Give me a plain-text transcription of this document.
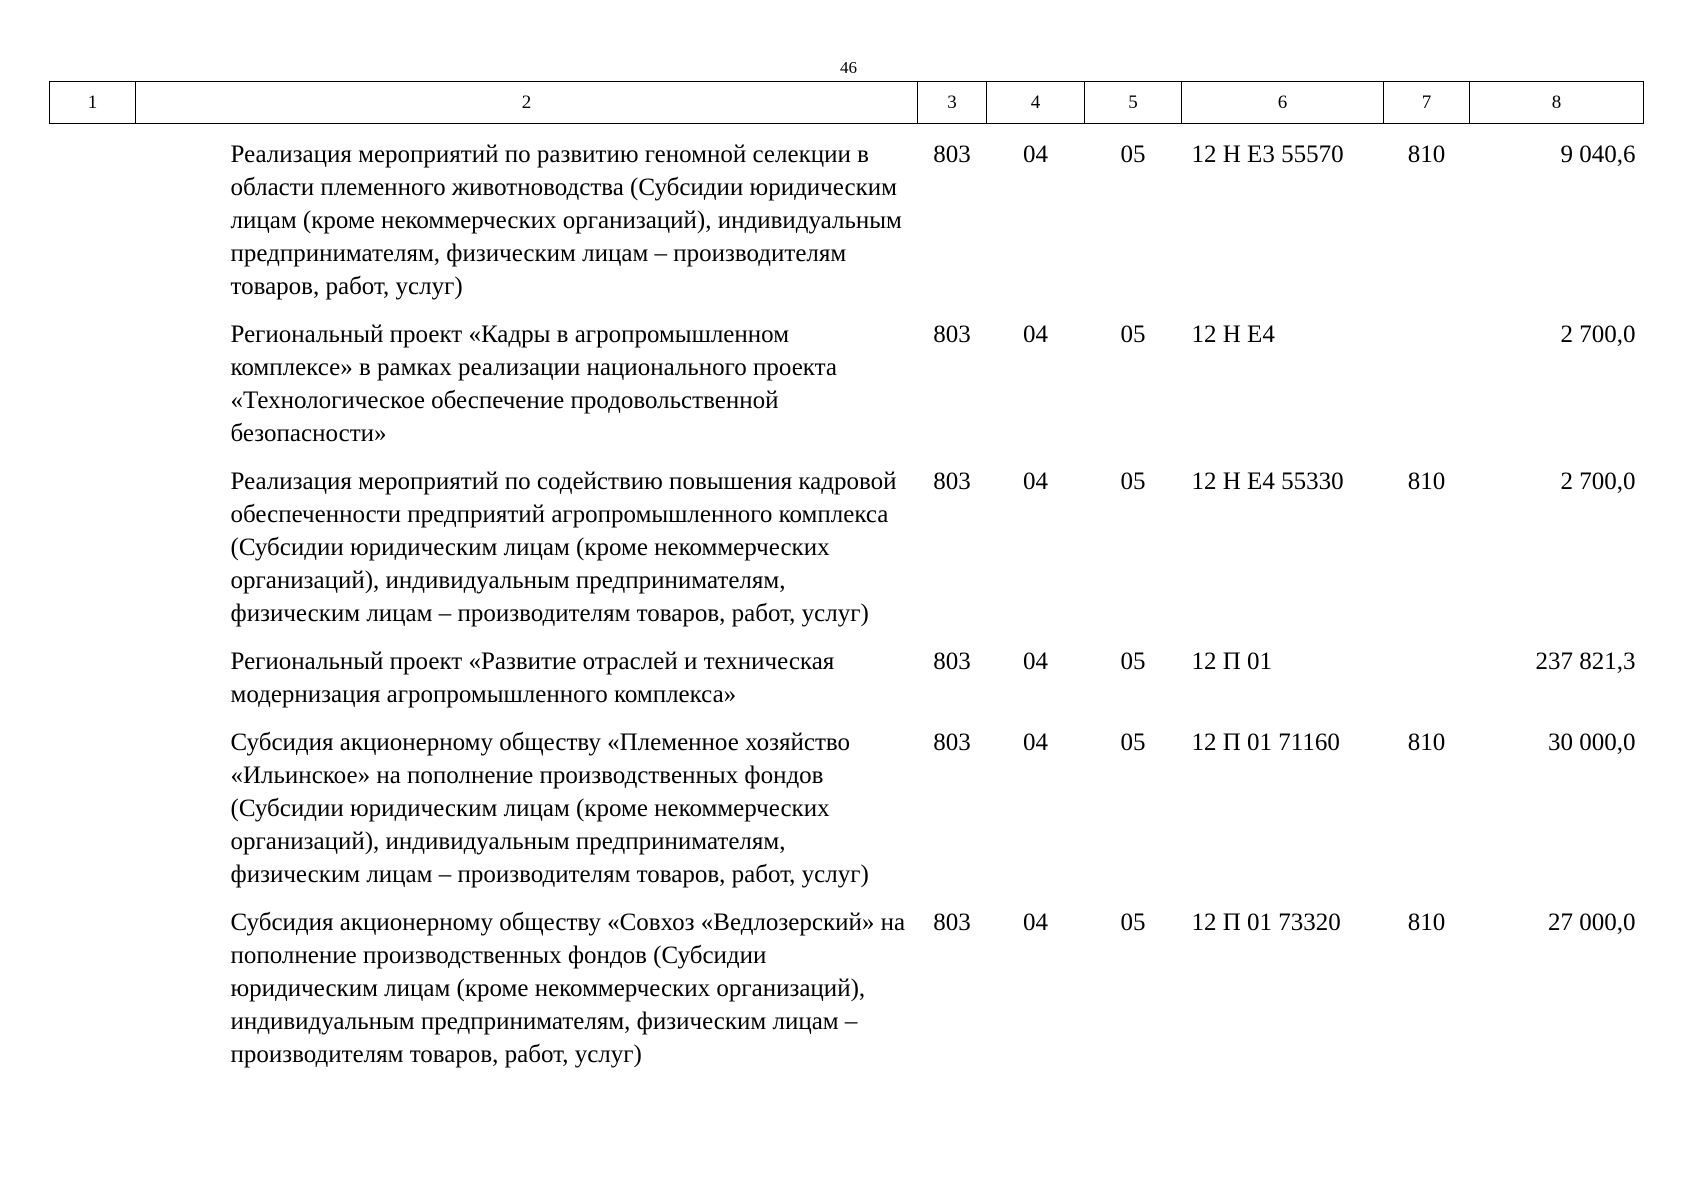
46
1	2	3	4	5	6	7	8
	Реализация мероприятий по развитию геномной селекции в области племенного животноводства (Субсидии юридическим лицам (кроме некоммерческих организаций), индивидуальным предпринимателям, физическим лицам – производителям товаров, работ, услуг)	803	04	05	12 Н Е3 55570	810	9 040,6
	Региональный проект «Кадры в агропромышленном комплексе» в рамках реализации национального проекта «Технологическое обеспечение продовольственной безопасности»	803	04	05	12 Н Е4		2 700,0
	Реализация мероприятий по содействию повышения кадровой обеспеченности предприятий агропромышленного комплекса (Субсидии юридическим лицам (кроме некоммерческих организаций), индивидуальным предпринимателям, физическим лицам – производителям товаров, работ, услуг)	803	04	05	12 Н Е4 55330	810	2 700,0
	Региональный проект «Развитие отраслей и техническая модернизация агропромышленного комплекса»	803	04	05	12 П 01		237 821,3
	Субсидия акционерному обществу «Племенное хозяйство «Ильинское» на пополнение производственных фондов (Субсидии юридическим лицам (кроме некоммерческих организаций), индивидуальным предпринимателям, физическим лицам – производителям товаров, работ, услуг)	803	04	05	12 П 01 71160	810	30 000,0
	Субсидия акционерному обществу «Совхоз «Ведлозерский» на пополнение производственных фондов (Субсидии юридическим лицам (кроме некоммерческих организаций), индивидуальным предпринимателям, физическим лицам – производителям товаров, работ, услуг)	803	04	05	12 П 01 73320	810	27 000,0
